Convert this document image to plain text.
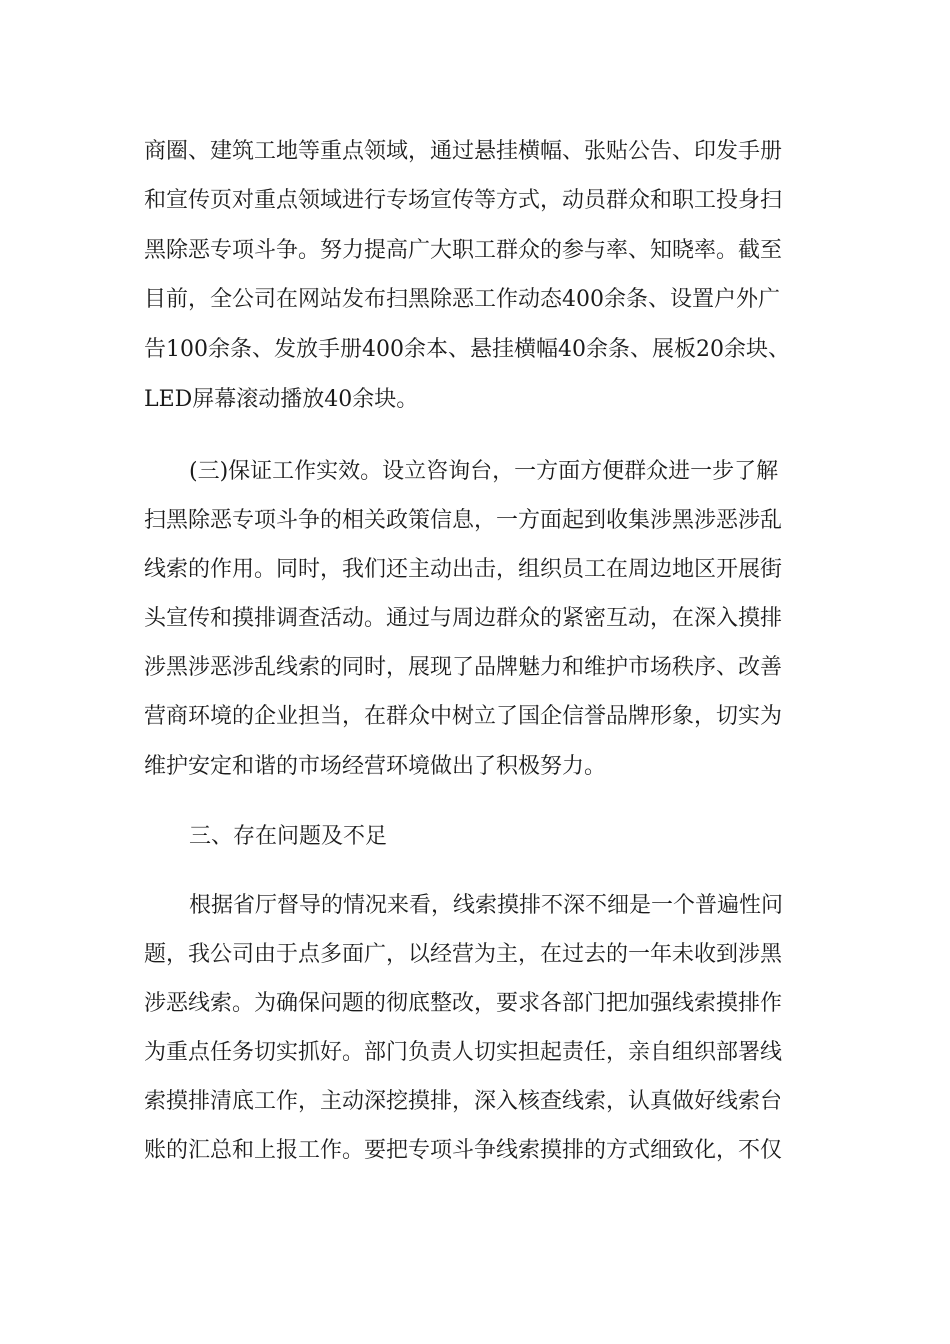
商圈、建筑工地等重点领域，通过悬挂横幅、张贴公告、印发手册
和宣传页对重点领域进行专场宣传等方式，动员群众和职工投身扫
黑除恶专项斗争。努力提高广大职工群众的参与率、知晓率。截至
目前，全公司在网站发布扫黑除恶工作动态400余条、设置户外广
告100余条、发放手册400余本、悬挂横幅40余条、展板20余块、
LED屏幕滚动播放40余块。
(三)保证工作实效。设立咨询台，一方面方便群众进一步了解
扫黑除恶专项斗争的相关政策信息，一方面起到收集涉黑涉恶涉乱
线索的作用。同时，我们还主动出击，组织员工在周边地区开展街
头宣传和摸排调查活动。通过与周边群众的紧密互动，在深入摸排
涉黑涉恶涉乱线索的同时，展现了品牌魅力和维护市场秩序、改善
营商环境的企业担当，在群众中树立了国企信誉品牌形象，切实为
维护安定和谐的市场经营环境做出了积极努力。
三、存在问题及不足
根据省厅督导的情况来看，线索摸排不深不细是一个普遍性问
题，我公司由于点多面广，以经营为主，在过去的一年未收到涉黑
涉恶线索。为确保问题的彻底整改，要求各部门把加强线索摸排作
为重点任务切实抓好。部门负责人切实担起责任，亲自组织部署线
索摸排清底工作，主动深挖摸排，深入核查线索，认真做好线索台
账的汇总和上报工作。要把专项斗争线索摸排的方式细致化，不仅
